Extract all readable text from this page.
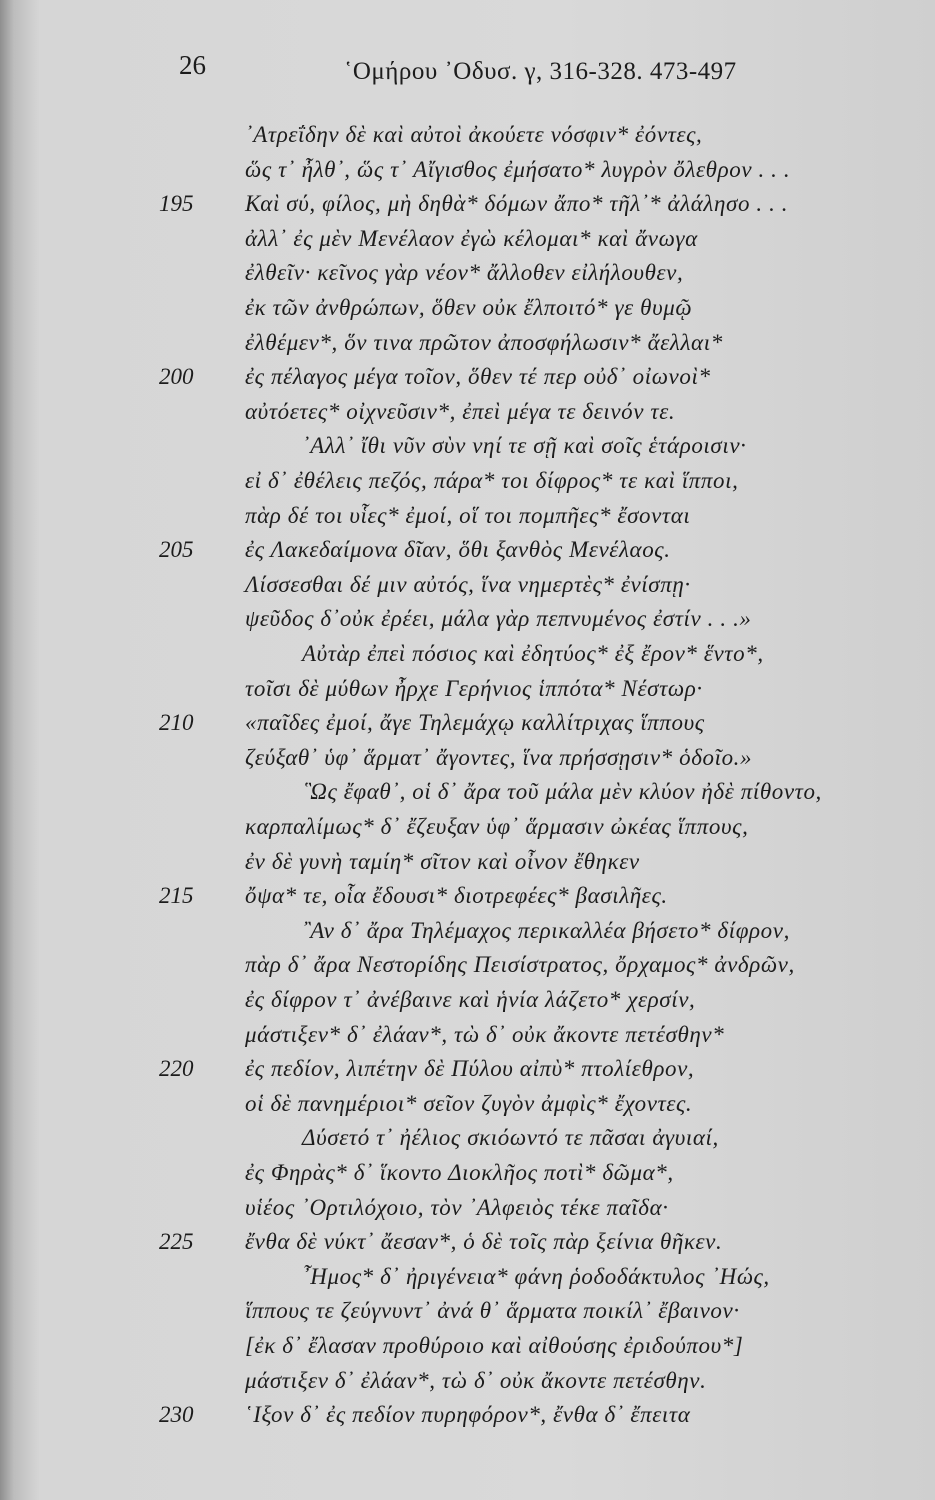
26	῾Ομήρου ᾿Οδυσ. γ, 316-328. 473-497
᾿Ατρεΐδην δὲ καὶ αὐτοὶ ἀκούετε νόσφιν* ἐόντες,
ὥς τ᾿ ἦλθ᾿, ὥς τ᾿ Αἴγισθος ἐμήσατο* λυγρὸν ὄλεθρον . . .
195	Καὶ σύ, φίλος, μὴ δηθὰ* δόμων ἄπο* τῆλ᾿* ἀλάλησο . . .
ἀλλ᾿ ἐς μὲν Μενέλαον ἐγὼ κέλομαι* καὶ ἄνωγα
ἐλθεῖν· κεῖνος γὰρ νέον* ἄλλοθεν εἰλήλουθεν,
ἐκ τῶν ἀνθρώπων, ὅθεν οὐκ ἔλποιτό* γε θυμῷ
ἐλθέμεν*, ὅν τινα πρῶτον ἀποσφήλωσιν* ἄελλαι*
200	ἐς πέλαγος μέγα τοῖον, ὅθεν τέ περ οὐδ᾿ οἰωνοὶ*
αὐτόετες* οἰχνεῦσιν*, ἐπεὶ μέγα τε δεινόν τε.
᾿Αλλ᾿ ἴθι νῦν σὺν νηί τε σῇ καὶ σοῖς ἑτάροισιν·
εἰ δ᾿ ἐθέλεις πεζός, πάρα* τοι δίφρος* τε καὶ ἵπποι,
πὰρ δέ τοι υἷες* ἐμοί, οἵ τοι πομπῆες* ἔσονται
205	ἐς Λακεδαίμονα δῖαν, ὅθι ξανθὸς Μενέλαος.
Λίσσεσθαι δέ μιν αὐτός, ἵνα νημερτὲς* ἐνίσπῃ·
ψεῦδος δ᾿οὐκ ἐρέει, μάλα γὰρ πεπνυμένος ἐστίν . . .»
Αὐτὰρ ἐπεὶ πόσιος καὶ ἐδητύος* ἐξ ἔρον* ἕντο*,
τοῖσι δὲ μύθων ἦρχε Γερήνιος ἱππότα* Νέστωρ·
210	«παῖδες ἐμοί, ἄγε Τηλεμάχῳ καλλίτριχας ἵππους
ζεύξαθ᾿ ὑφ᾿ ἅρματ᾿ ἄγοντες, ἵνα πρήσσῃσιν* ὁδοῖο.»
῝Ως ἔφαθ᾿, οἱ δ᾿ ἄρα τοῦ μάλα μὲν κλύον ἠδὲ πίθοντο,
καρπαλίμως* δ᾿ ἔζευξαν ὑφ᾿ ἅρμασιν ὠκέας ἵππους,
ἐν δὲ γυνὴ ταμίη* σῖτον καὶ οἶνον ἔθηκεν
215	ὄψα* τε, οἷα ἔδουσι* διοτρεφέες* βασιλῆες.
῍Αν δ᾿ ἄρα Τηλέμαχος περικαλλέα βήσετο* δίφρον,
πὰρ δ᾿ ἄρα Νεστορίδης Πεισίστρατος, ὄρχαμος* ἀνδρῶν,
ἐς δίφρον τ᾿ ἀνέβαινε καὶ ἡνία λάζετο* χερσίν,
μάστιξεν* δ᾿ ἐλάαν*, τὼ δ᾿ οὐκ ἄκοντε πετέσθην*
220	ἐς πεδίον, λιπέτην δὲ Πύλου αἰπὺ* πτολίεθρον,
οἱ δὲ πανημέριοι* σεῖον ζυγὸν ἀμφὶς* ἔχοντες.
Δύσετό τ᾿ ἠέλιος σκιόωντό τε πᾶσαι ἀγυιαί,
ἐς Φηρὰς* δ᾿ ἵκοντο Διοκλῆος ποτὶ* δῶμα*,
υἱέος ᾿Ορτιλόχοιο, τὸν ᾿Αλφειὸς τέκε παῖδα·
225	ἔνθα δὲ νύκτ᾿ ἄεσαν*, ὁ δὲ τοῖς πὰρ ξείνια θῆκεν.
῏Ημος* δ᾿ ἠριγένεια* φάνη ῥοδοδάκτυλος ᾿Ηώς,
ἵππους τε ζεύγνυντ᾿ ἀνά θ᾿ ἅρματα ποικίλ᾿ ἔβαινον·
[ἐκ δ᾿ ἔλασαν προθύροιο καὶ αἰθούσης ἐριδούπου*]
μάστιξεν δ᾿ ἐλάαν*, τὼ δ᾿ οὐκ ἄκοντε πετέσθην.
230	῾Ιξον δ᾿ ἐς πεδίον πυρηφόρον*, ἔνθα δ᾿ ἔπειτα
